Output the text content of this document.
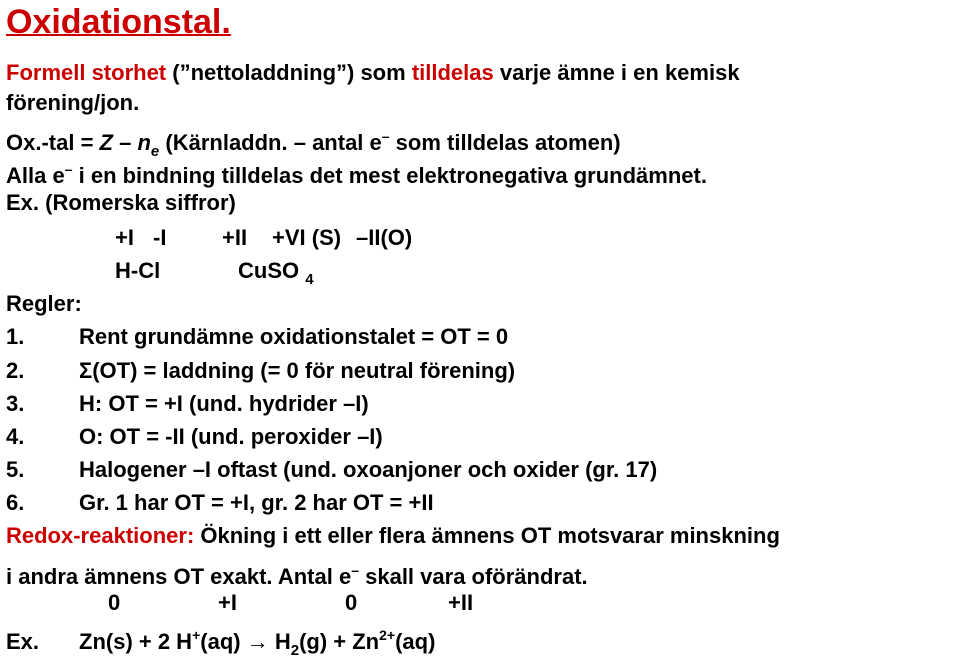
Oxidationstal.
Formell storhet (”nettoladdning”) som tilldelas varje ämne i en kemisk
förening/jon.
$Ox.-tal = Z - n_e$ (Kärnladdn. – antal e– som tilldelas atomen)
Alla e– i en bindning tilldelas det mest elektronegativa grundämnet.
Ex. (Romerska siffror)
+I -I	+II +VI (S) –II(O)
H-Cl	CuSO $_4$
Regler:
1. Rent grundämne oxidationstalet = OT = 0
2. Σ(OT) = laddning (= 0 för neutral förening)
3. H: OT = +I (und. hydrider –I)
4. O: OT = -II (und. peroxider –I)
5. Halogener –I oftast (und. oxoanjoner och oxider (gr. 17)
6. Gr. 1 har OT = +I, gr. 2 har OT = +II
Redox-reaktioner: Ökning i ett eller flera ämnens OT motsvarar minskning
i andra ämnens OT exakt. Antal e– skall vara oförändrat.
0	+I	0	+II
Ex. Zn(s) + 2 $H^+(aq) \to H_2(g) + Zn^{2+}(aq)$
